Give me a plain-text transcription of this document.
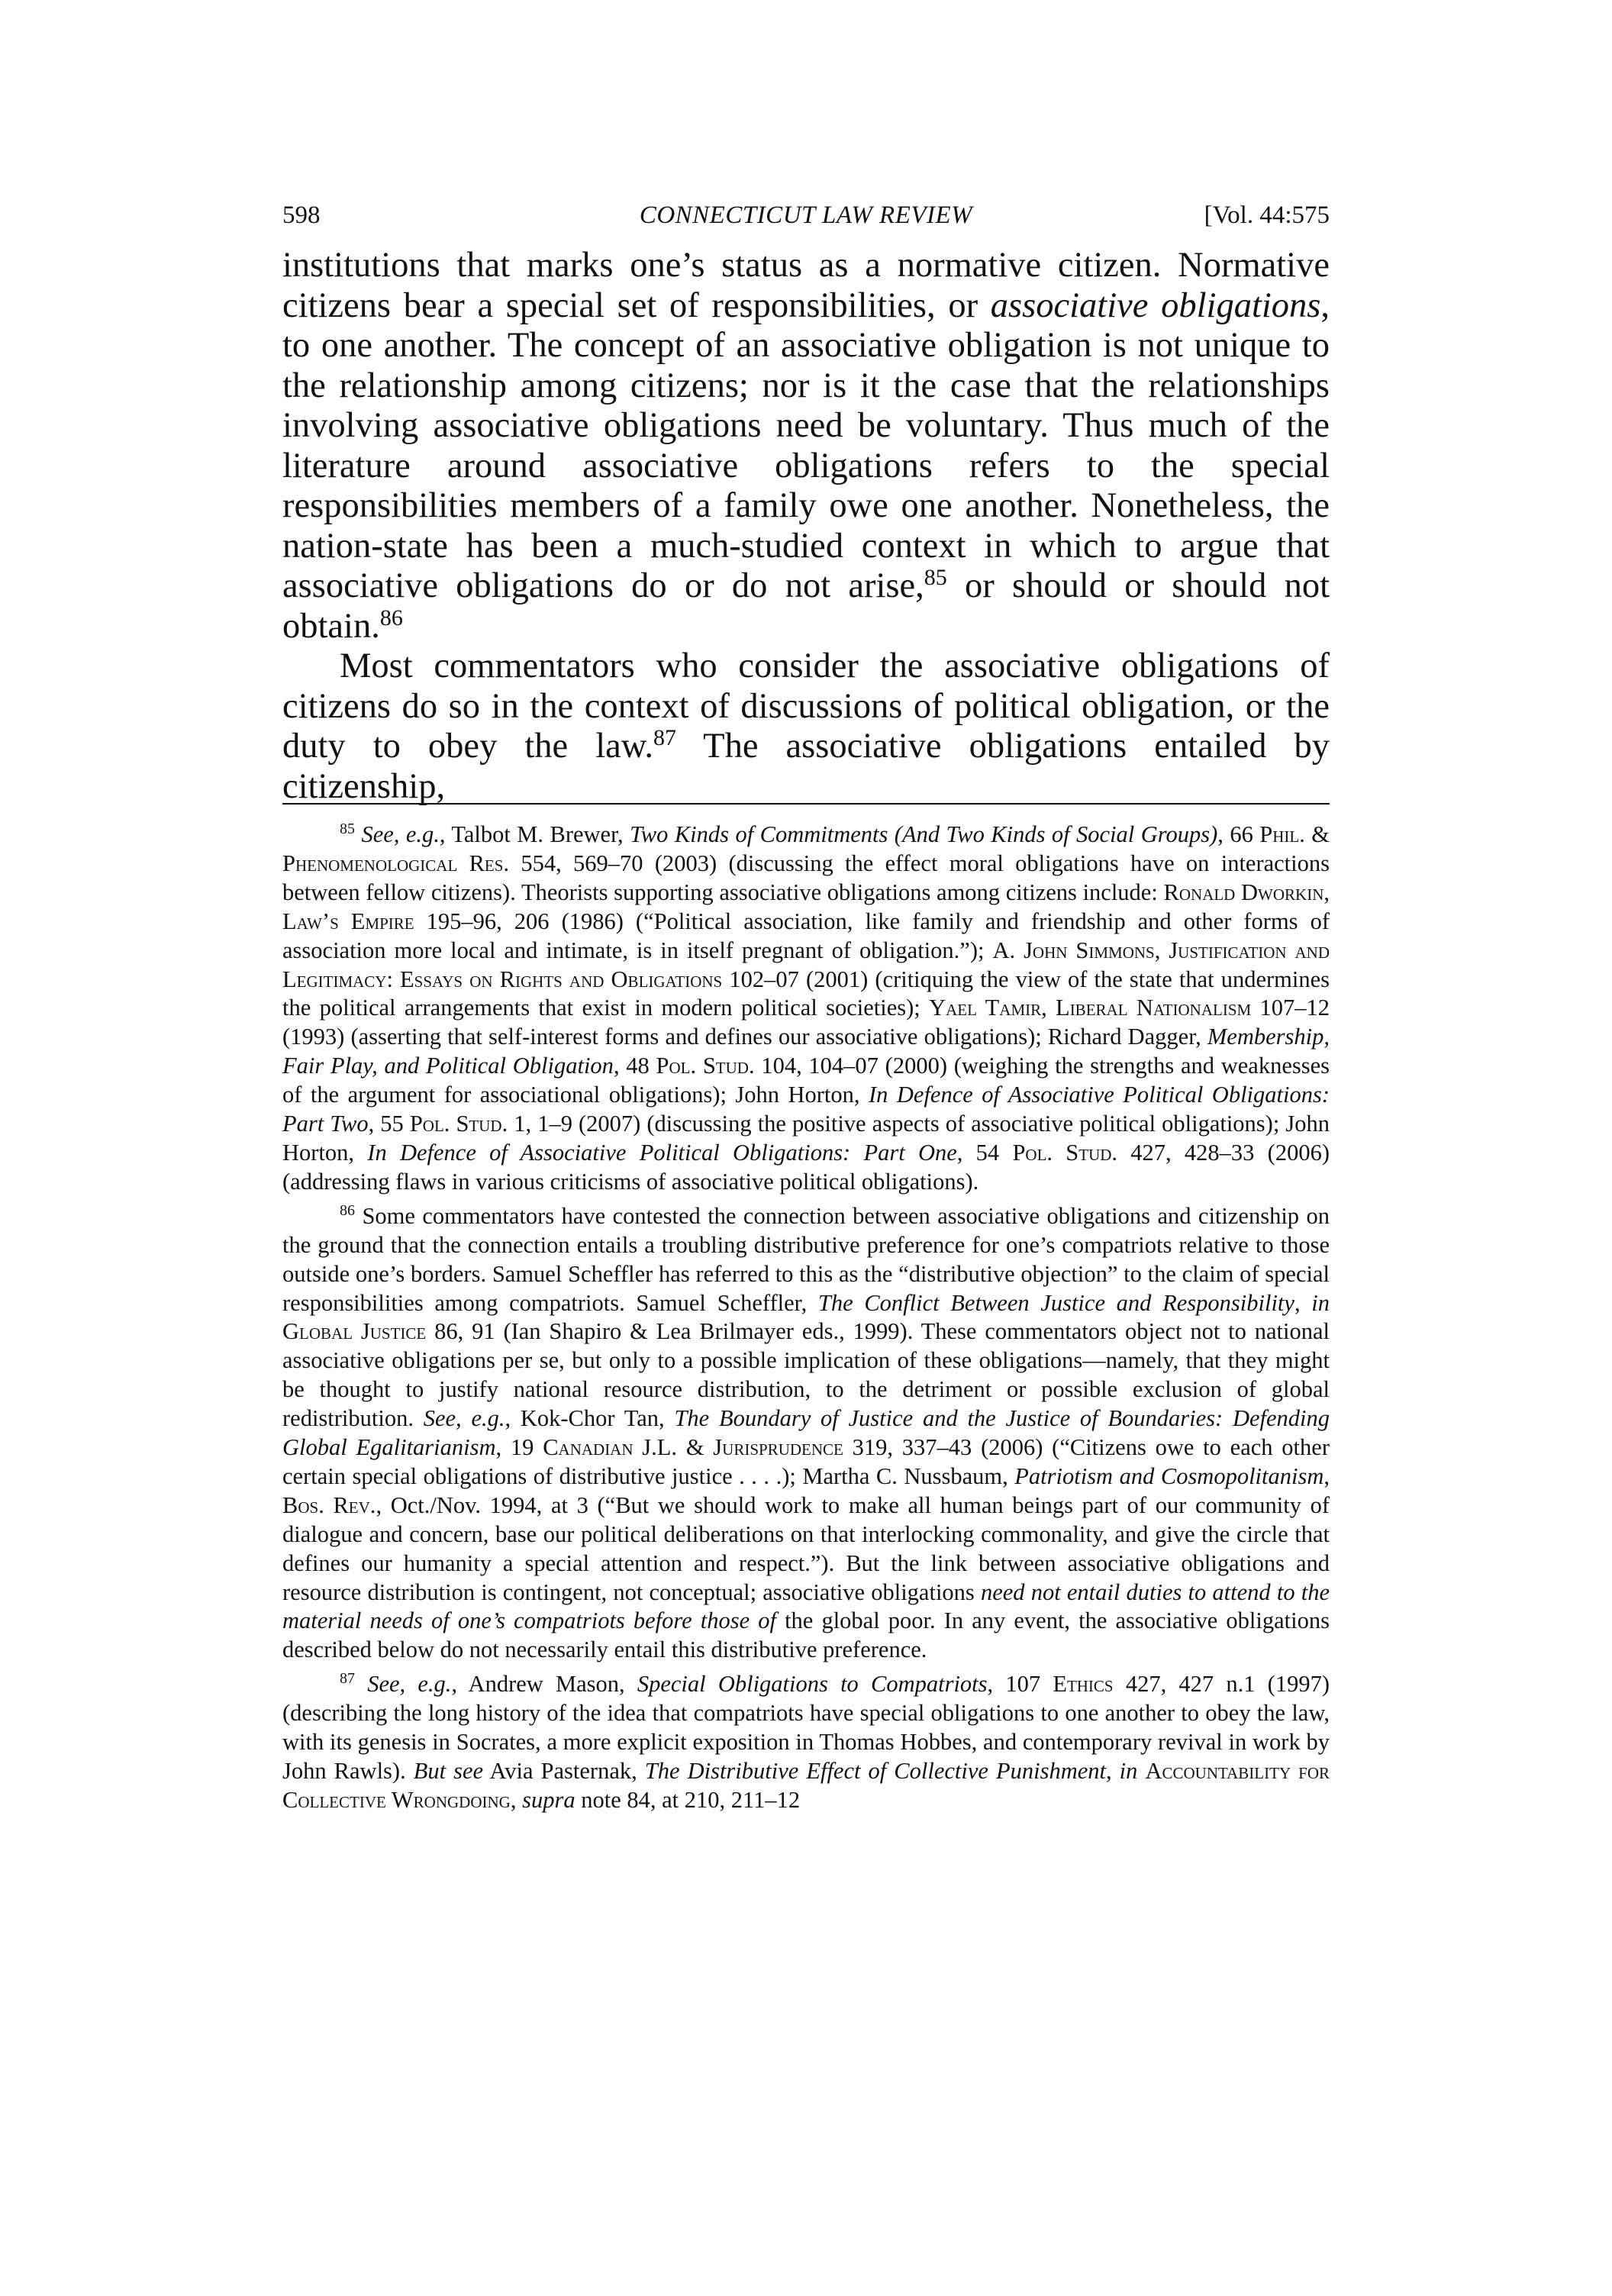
598	CONNECTICUT LAW REVIEW	[Vol. 44:575

institutions that marks one’s status as a normative citizen. Normative citizens bear a special set of responsibilities, or associative obligations, to one another. The concept of an associative obligation is not unique to the relationship among citizens; nor is it the case that the relationships involving associative obligations need be voluntary. Thus much of the literature around associative obligations refers to the special responsibilities members of a family owe one another. Nonetheless, the nation-state has been a much-studied context in which to argue that associative obligations do or do not arise,$^{85}$ or should or should not obtain.$^{86}$

Most commentators who consider the associative obligations of citizens do so in the context of discussions of political obligation, or the duty to obey the law.$^{87}$ The associative obligations entailed by citizenship,

$^{85}$ See, e.g., Talbot M. Brewer, Two Kinds of Commitments (And Two Kinds of Social Groups), 66 Phil. & Phenomenological Res. 554, 569–70 (2003) (discussing the effect moral obligations have on interactions between fellow citizens). Theorists supporting associative obligations among citizens include: Ronald Dworkin, Law’s Empire 195–96, 206 (1986) (“Political association, like family and friendship and other forms of association more local and intimate, is in itself pregnant of obligation.”); A. John Simmons, Justification and Legitimacy: Essays on Rights and Obligations 102–07 (2001) (critiquing the view of the state that undermines the political arrangements that exist in modern political societies); Yael Tamir, Liberal Nationalism 107–12 (1993) (asserting that self-interest forms and defines our associative obligations); Richard Dagger, Membership, Fair Play, and Political Obligation, 48 Pol. Stud. 104, 104–07 (2000) (weighing the strengths and weaknesses of the argument for associational obligations); John Horton, In Defence of Associative Political Obligations: Part Two, 55 Pol. Stud. 1, 1–9 (2007) (discussing the positive aspects of associative political obligations); John Horton, In Defence of Associative Political Obligations: Part One, 54 Pol. Stud. 427, 428–33 (2006) (addressing flaws in various criticisms of associative political obligations).

$^{86}$ Some commentators have contested the connection between associative obligations and citizenship on the ground that the connection entails a troubling distributive preference for one’s compatriots relative to those outside one’s borders. Samuel Scheffler has referred to this as the “distributive objection” to the claim of special responsibilities among compatriots. Samuel Scheffler, The Conflict Between Justice and Responsibility, in Global Justice 86, 91 (Ian Shapiro & Lea Brilmayer eds., 1999). These commentators object not to national associative obligations per se, but only to a possible implication of these obligations—namely, that they might be thought to justify national resource distribution, to the detriment or possible exclusion of global redistribution. See, e.g., Kok-Chor Tan, The Boundary of Justice and the Justice of Boundaries: Defending Global Egalitarianism, 19 Canadian J.L. & Jurisprudence 319, 337–43 (2006) (“Citizens owe to each other certain special obligations of distributive justice . . . .); Martha C. Nussbaum, Patriotism and Cosmopolitanism, Bos. Rev., Oct./Nov. 1994, at 3 (“But we should work to make all human beings part of our community of dialogue and concern, base our political deliberations on that interlocking commonality, and give the circle that defines our humanity a special attention and respect.”). But the link between associative obligations and resource distribution is contingent, not conceptual; associative obligations need not entail duties to attend to the material needs of one’s compatriots before those of the global poor. In any event, the associative obligations described below do not necessarily entail this distributive preference.

$^{87}$ See, e.g., Andrew Mason, Special Obligations to Compatriots, 107 Ethics 427, 427 n.1 (1997) (describing the long history of the idea that compatriots have special obligations to one another to obey the law, with its genesis in Socrates, a more explicit exposition in Thomas Hobbes, and contemporary revival in work by John Rawls). But see Avia Pasternak, The Distributive Effect of Collective Punishment, in Accountability for Collective Wrongdoing, supra note 84, at 210, 211–12
